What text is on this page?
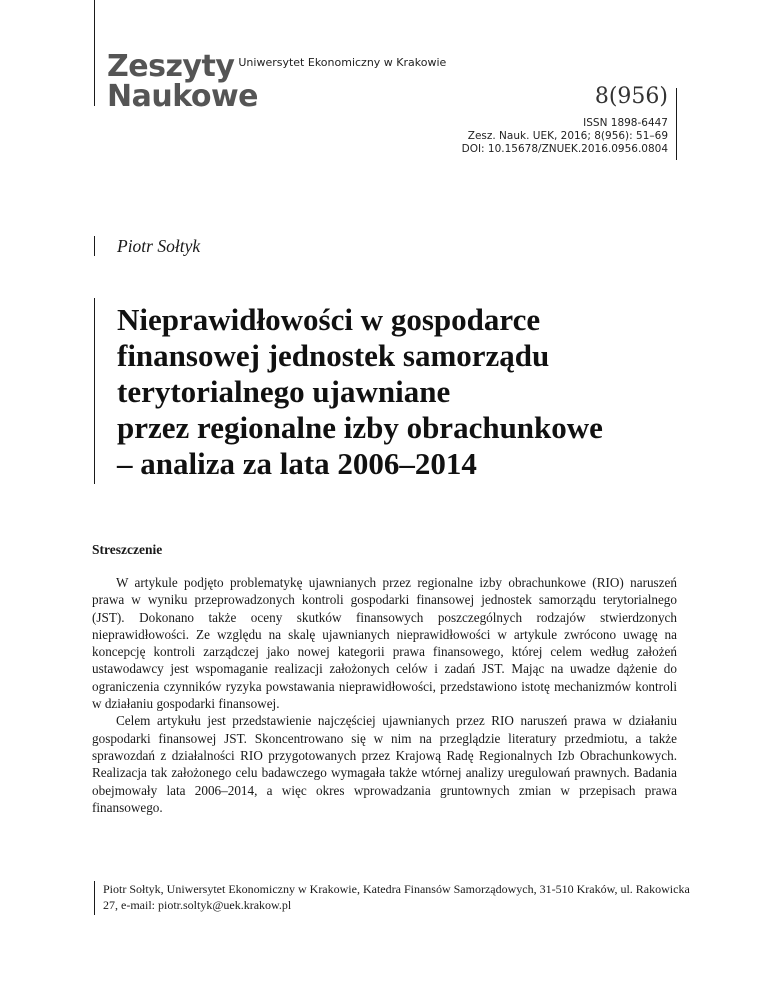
Zeszyty Uniwersytet Ekonomiczny w Krakowie
Naukowe	8(956)
ISSN 1898-6447
Zesz. Nauk. UEK, 2016; 8(956): 51–69
DOI: 10.15678/ZNUEK.2016.0956.0804
Piotr Sołtyk
Nieprawidłowości w gospodarce
finansowej jednostek samorządu
terytorialnego ujawniane
przez regionalne izby obrachunkowe
– analiza za lata 2006–2014
Streszczenie

W artykule podjęto problematykę ujawnianych przez regionalne izby obrachunkowe (RIO) naruszeń prawa w wyniku przeprowadzonych kontroli gospodarki finansowej jednostek samorządu terytorialnego (JST). Dokonano także oceny skutków finansowych poszczególnych rodzajów stwierdzonych nieprawidłowości. Ze względu na skalę ujawnianych nieprawidłowości w artykule zwrócono uwagę na koncepcję kontroli zarządczej jako nowej kategorii prawa finansowego, której celem według założeń ustawodawcy jest wspomaganie realizacji założonych celów i zadań JST. Mając na uwadze dążenie do ograniczenia czynników ryzyka powstawania nieprawidłowości, przedstawiono istotę mechanizmów kontroli w działaniu gospodarki finansowej.

Celem artykułu jest przedstawienie najczęściej ujawnianych przez RIO naruszeń prawa w działaniu gospodarki finansowej JST. Skoncentrowano się w nim na przeglądzie literatury przedmiotu, a także sprawozdań z działalności RIO przygotowanych przez Krajową Radę Regionalnych Izb Obrachunkowych. Realizacja tak założonego celu badawczego wymagała także wtórnej analizy uregulowań prawnych. Badania obejmowały lata 2006–2014, a więc okres wprowadzania gruntownych zmian w przepisach prawa finansowego.

Piotr Sołtyk, Uniwersytet Ekonomiczny w Krakowie, Katedra Finansów Samorządowych, 31-510 Kraków, ul. Rakowicka 27, e-mail: piotr.soltyk@uek.krakow.pl
